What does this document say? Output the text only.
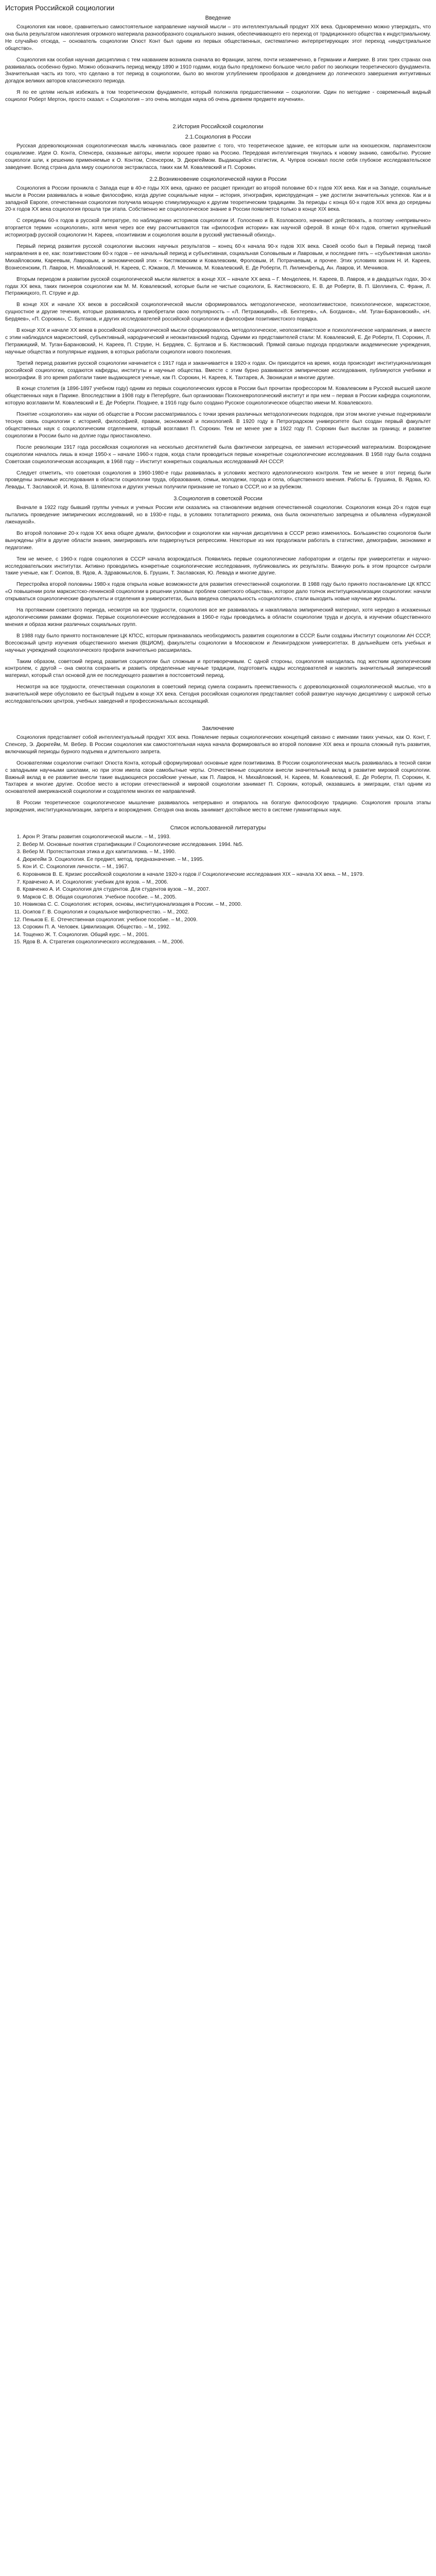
История Российской социологии
Введение

Социология как новое, сравнительно самостоятельное направление научной мысли – это интеллектуальный продукт XIX века. Одновременно можно утверждать, что она была результатом накопления огромного материала разнообразного социального знания, обеспечивающего его переход от традиционного общества к индустриальному. Не случайно отсюда, – основатель социологии Огюст Конт был одним из первых общественных, систематично интерпретирующих этот переход «индустриальное общество».

Социология как особая научная дисциплина с тем названием возникла сначала во Франции, затем, почти незамеченно, в Германии и Америке. В этих трех странах она развивалась особенно бурно. Можно обозначить период между 1890 и 1910 годами, когда было предложено большое число работ по эволюции теоретического фундамента. Значительная часть из того, что сделано в тот период в социологии, было во многом углублением прообразов и доведением до логического завершения интуитивных догадок великих авторов классического периода.

Я по ее целям нельзя избежать в том теоретическом фундаменте, который положила предшественники – социологии. Один по методике - современный видный социолог Роберт Мертон, просто сказал: « Социология – это очень молодая наука об очень древнем предмете изучения».

2.История Российской социологии
2.1.Социология в России

Русская дореволюционная социологическая мысль начиналась свое развитие с того, что теоретическое здание, ее которым шли на юношеском, парламентском социализме. Идеи О. Конта, Спенсера, сказанные авторы, имели хорошее право на Россию. Передовая интеллигенция тянулась к новому знанию, самобытно. Русские социологи шли, к решению применяемые к О. Контом, Спенсером, Э. Дюркгеймом. Выдающийся статистик, А. Чупров основал после себя глубокое исследовательское заведение. Вслед страна дала миру социологов экстракласса, таких как М. Ковалевский и П. Сорокин.

2.2.Возникновение социологической науки в России

Социология в России проникла с Запада еще в 40-е годы XIX века, однако ее расцвет приходит во второй половине 60-х годов XIX века. Как и на Западе, социальные мысли в России развивалась в новые философию, когда другие социальные науки – история, этнография, юриспруденция – уже достигли значительных успехов. Как и в западной Европе, отечественная социология получила мощную стимулирующую к другим теоретическим традициям. За периоды с конца 60-х годов XIX века до середины 20-х годов XX века социология прошла три этапа. Собственно же социологическое знание в России появляется только в конце XIX века.

С середины 60-х годов в русской литературе, по наблюдению историков социологии И. Голосенко и В. Козловского, начинают действовать, а поэтому «непривычно» вторгается термин «социология», хотя меня через все ему рассчитываются так «философия истории» как научной сферой. В конце 60-х годов, отметил крупнейший историограф русской социологии Н. Кареев, «позитивизм и социология вошли в русский умственный обиход».

Первый период развития русской социологии высоких научных результатов – конец 60-х начала 90-х годов XIX века. Своей особо был в Первый период такой направления в ее, как: позитивистским 60-х годов – ее начальный период и субъективная, социальная Соловьевым и Лавровым, и последние пять – «субъективная школа» Михайловским, Кареевым, Лавровым, и экономический этих – Кистяковским и Ковалевским, Фроловым, И. Потрачаевым, и прочее. Этих условиях возник Н. И. Кареев, Вознесенским, П. Лавров, Н. Михайловский, Н. Кареев, С. Южаков, Л. Мечников, М. Ковалевский, Е. Де Роберти, П. Лилиенфельд, Ан. Лавров, И. Мечников.

Вторым периодом в развитии русской социологической мысли является: в конце XIX – начале XX века – Г. Менделеев, Н. Кареев, В. Лавров, и в двадцатых годах, 30-х годах XX века, таких пионеров социологии как М. М. Ковалевский, которые были не чистые социологи, Б. Кистяковского, Е. В. де Роберти, В. П. Шеллинга, С. Франк, Л. Петражицкого, П. Струве и др.

В конце XIX и начале XX веков в российской социологической мысли сформировалось методологическое, неопозитивистское, психологическое, марксистское, сущностное и другие течения, которые развивались и приобретали свою популярность – «Л. Петражицкий», «В. Бехтерев», «А. Богданов», «М. Туган-Барановский», «Н. Бердяев», «П. Сорокин», С. Булгаков, и других исследователей российской социологии и философии позитивистского порядка.

В конце XIX и начале XX веков в российской социологической мысли сформировалось методологическое, неопозитивистское и психологическое направления, и вместе с этим наблюдался марксистский, субъективный, народнический и неокантианский подход. Одними из представителей стали: М. Ковалевский, Е. Де Роберти, П. Сорокин, Л. Петражицкий, М. Туган-Барановский, Н. Кареев, П. Струве, Н. Бердяев, С. Булгаков и Б. Кистяковский. Прямой связью подхода продолжали академические учреждения, научные общества и популярные издания, в которых работали социологи нового поколения.

Третий период развития русской социологии начинается с 1917 года и заканчивается в 1920-х годах. Он приходится на время, когда происходит институционализация российской социологии, создаются кафедры, институты и научные общества. Вместе с этим бурно развиваются эмпирические исследования, публикуются учебники и монографии. В это время работали такие выдающиеся ученые, как П. Сорокин, Н. Кареев, К. Тахтарев, А. Звоницкая и многие другие.

В конце столетия (в 1896-1897 учебном году) одним из первых социологических курсов в России был прочитан профессором М. Ковалевским в Русской высшей школе общественных наук в Париже. Впоследствии в 1908 году в Петербурге, был организован Психоневрологический институт и при нем – первая в России кафедра социологии, которую возглавили М. Ковалевский и Е. Де Роберти. Позднее, в 1916 году было создано Русское социологическое общество имени М. Ковалевского.

Понятие «социология» как науки об обществе в России рассматривалось с точки зрения различных методологических подходов, при этом многие ученые подчеркивали тесную связь социологии с историей, философией, правом, экономикой и психологией. В 1920 году в Петроградском университете был создан первый факультет общественных наук с социологическим отделением, который возглавил П. Сорокин. Тем не менее уже в 1922 году П. Сорокин был выслан за границу, и развитие социологии в России было на долгие годы приостановлено.

После революции 1917 года российская социология на несколько десятилетий была фактически запрещена, ее заменил исторический материализм. Возрождение социологии началось лишь в конце 1950-х – начале 1960-х годов, когда стали проводиться первые конкретные социологические исследования. В 1958 году была создана Советская социологическая ассоциация, в 1968 году – Институт конкретных социальных исследований АН СССР.

Следует отметить, что советская социология в 1960-1980-е годы развивалась в условиях жесткого идеологического контроля. Тем не менее в этот период были проведены значимые исследования в области социологии труда, образования, семьи, молодежи, города и села, общественного мнения. Работы Б. Грушина, В. Ядова, Ю. Левады, Т. Заславской, И. Кона, В. Шляпентоха и других ученых получили признание не только в СССР, но и за рубежом.

3.Социология в советской России

Вначале в 1922 году бывший группы ученых и ученых России или сказались на становлении ведения отечественной социологии. Социология конца 20-х годов еще пытались проведение эмпирических исследований, но в 1930-е годы, в условиях тоталитарного режима, она была окончательно запрещена и объявлена «буржуазной лженаукой».

Во второй половине 20-х годов XX века общее думали, философии и социологии как научная дисциплина в СССР резко изменилось. Большинство социологов были вынуждены уйти в другие области знания, эмигрировать или подвергнуться репрессиям. Некоторые из них продолжали работать в статистике, демографии, экономике и педагогике.

Тем не менее, с 1960-х годов социология в СССР начала возрождаться. Появились первые социологические лаборатории и отделы при университетах и научно-исследовательских институтах. Активно проводились конкретные социологические исследования, публиковались их результаты. Важную роль в этом процессе сыграли такие ученые, как Г. Осипов, В. Ядов, А. Здравомыслов, Б. Грушин, Т. Заславская, Ю. Левада и многие другие.

Перестройка второй половины 1980-х годов открыла новые возможности для развития отечественной социологии. В 1988 году было принято постановление ЦК КПСС «О повышении роли марксистско-ленинской социологии в решении узловых проблем советского общества», которое дало толчок институционализации социологии: начали открываться социологические факультеты и отделения в университетах, была введена специальность «социология», стали выходить новые научные журналы.

На протяжении советского периода, несмотря на все трудности, социология все же развивалась и накапливала эмпирический материал, хотя нередко в искаженных идеологическими рамками формах. Первые социологические исследования в 1960-е годы проводились в области социологии труда и досуга, в изучении общественного мнения и образа жизни различных социальных групп.

В 1988 году было принято постановление ЦК КПСС, которым признавалась необходимость развития социологии в СССР. Были созданы Институт социологии АН СССР, Всесоюзный центр изучения общественного мнения (ВЦИОМ), факультеты социологии в Московском и Ленинградском университетах. В дальнейшем сеть учебных и научных учреждений социологического профиля значительно расширилась.

Таким образом, советский период развития социологии был сложным и противоречивым. С одной стороны, социология находилась под жестким идеологическим контролем, с другой – она смогла сохранить и развить определенные научные традиции, подготовить кадры исследователей и накопить значительный эмпирический материал, который стал основой для ее последующего развития в постсоветский период.

Несмотря на все трудности, отечественная социология в советский период сумела сохранить преемственность с дореволюционной социологической мыслью, что в значительной мере обусловило ее быстрый подъем в конце XX века. Сегодня российская социология представляет собой развитую научную дисциплину с широкой сетью исследовательских центров, учебных заведений и профессиональных ассоциаций.

Заключение

Социология представляет собой интеллектуальный продукт XIX века. Появление первых социологических концепций связано с именами таких ученых, как О. Конт, Г. Спенсер, Э. Дюркгейм, М. Вебер. В России социология как самостоятельная наука начала формироваться во второй половине XIX века и прошла сложный путь развития, включающий периоды бурного подъема и длительного запрета.

Основателями социологии считают Огюста Конта, который сформулировал основные идеи позитивизма. В России социологическая мысль развивалась в тесной связи с западными научными школами, но при этом имела свои самобытные черты. Отечественные социологи внесли значительный вклад в развитие мировой социологии. Важный вклад в ее развитие внесли такие выдающиеся российские ученые, как П. Лавров, Н. Михайловский, Н. Кареев, М. Ковалевский, Е. Де Роберти, П. Сорокин, К. Тахтарев и многие другие. Особое место в истории отечественной и мировой социологии занимает П. Сорокин, который, оказавшись в эмиграции, стал одним из основателей американской социологии и создателем многих ее направлений.

В России теоретическое социологическое мышление развивалось непрерывно и опиралось на богатую философскую традицию. Социология прошла этапы зарождения, институционализации, запрета и возрождения. Сегодня она вновь занимает достойное место в системе гуманитарных наук.

Список использованной литературы
1. Арон Р. Этапы развития социологической мысли. – М., 1993.
2. Вебер М. Основные понятия стратификации // Социологические исследования. 1994. №5.
3. Вебер М. Протестантская этика и дух капитализма. – М., 1990.
4. Дюркгейм Э. Социология. Ее предмет, метод, предназначение. – М., 1995.
5. Кон И. С. Социология личности. – М., 1967.
6. Коровников В. Е. Кризис российской социологии в начале 1920-х годов // Социологические исследования XIX – начала XX века. – М., 1979.
7. Кравченко А. И. Социология: учебник для вузов. – М., 2006.
8. Кравченко А. И. Социология для студентов. Для студентов вузов. – М., 2007.
9. Марков С. В. Общая социология. Учебное пособие. – М., 2005.
10. Новикова С. С. Социология: история, основы, институционализация в России. – М., 2000.
11. Осипов Г. В. Социология и социальное мифотворчество. – М., 2002.
12. Пеньков Е. Е. Отечественная социология: учебное пособие. – М., 2009.
13. Сорокин П. А. Человек. Цивилизация. Общество. – М., 1992.
14. Тощенко Ж. Т. Социология. Общий курс. – М., 2001.
15. Ядов В. А. Стратегия социологического исследования. – М., 2006.
